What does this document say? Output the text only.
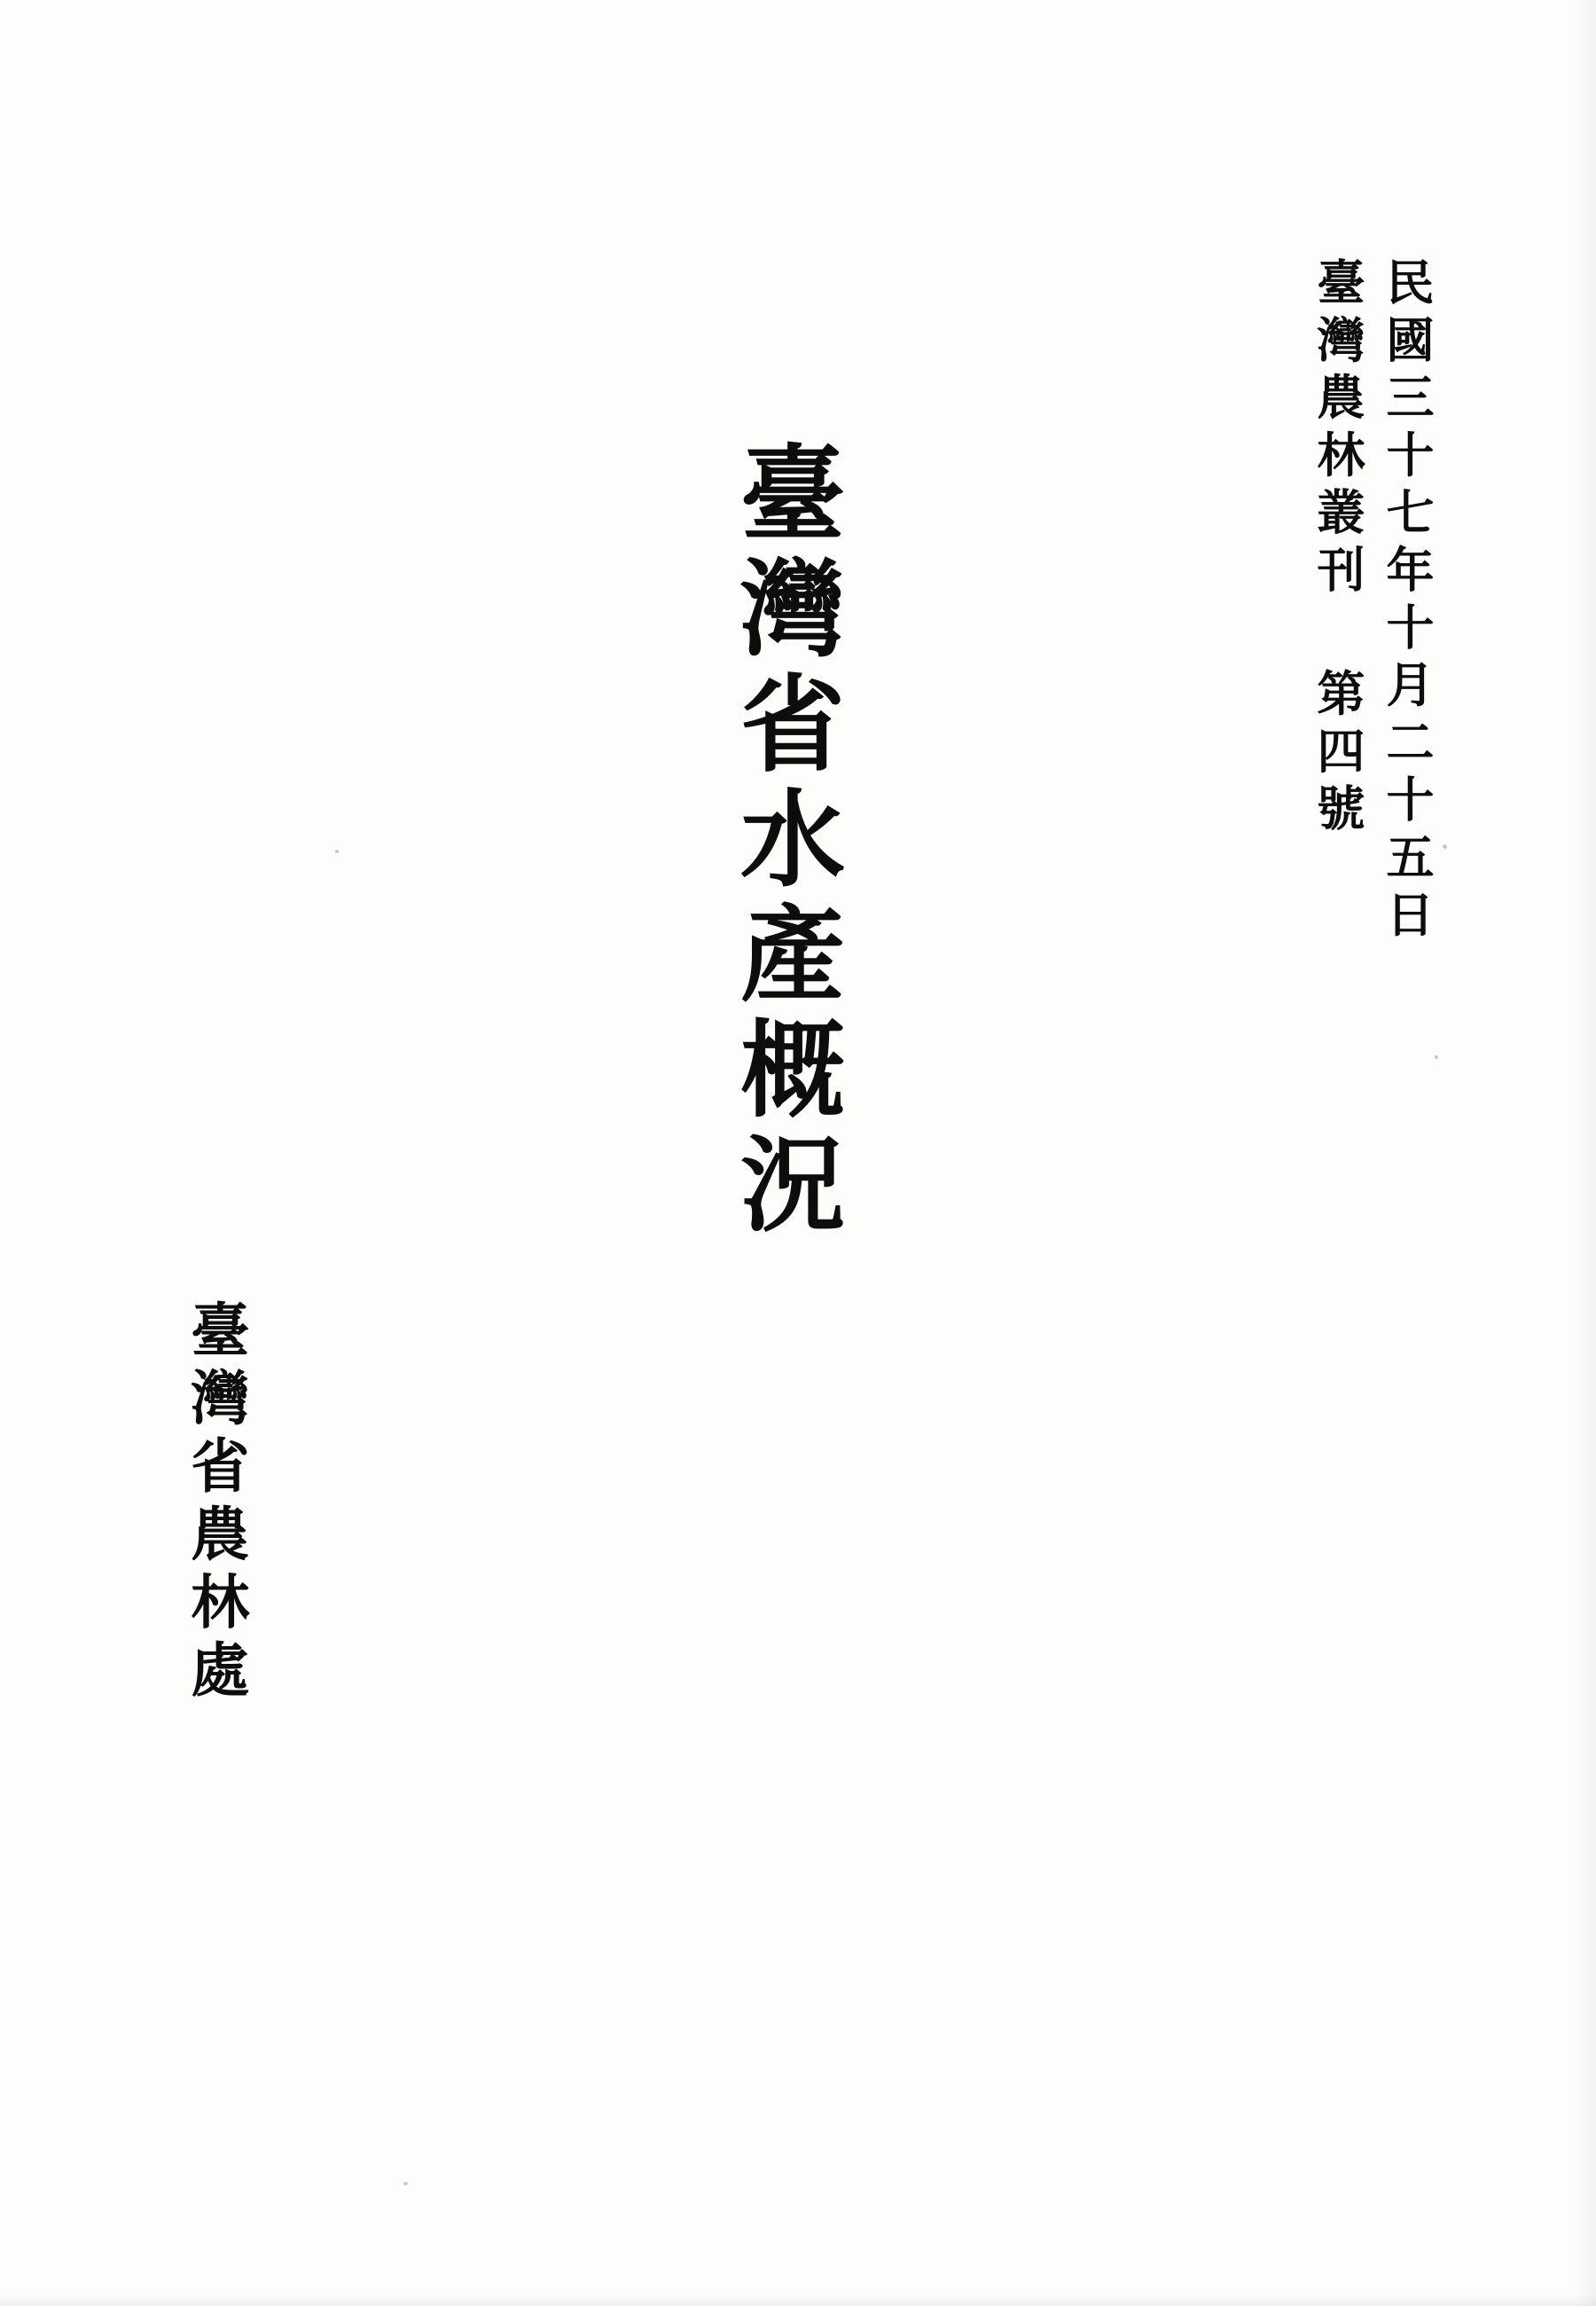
民國三十七年十月二十五日
臺灣農林叢刊 第四號
臺灣省水產概況
臺灣省農林處
